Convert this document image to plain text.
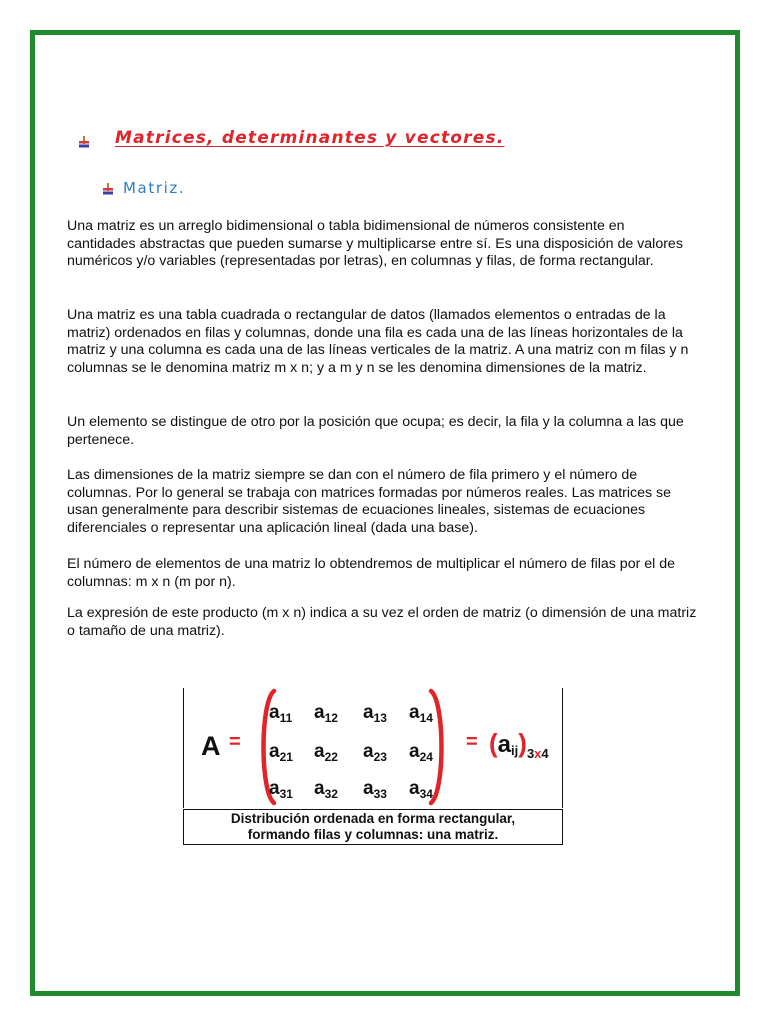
Matrices, determinantes y vectores.
Matriz.

Una matriz es un arreglo bidimensional o tabla bidimensional de números consistente en cantidades abstractas que pueden sumarse y multiplicarse entre sí. Es una disposición de valores numéricos y/o variables (representadas por letras), en columnas y filas, de forma rectangular.

Una matriz es una tabla cuadrada o rectangular de datos (llamados elementos o entradas de la matriz) ordenados en filas y columnas, donde una fila es cada una de las líneas horizontales de la matriz y una columna es cada una de las líneas verticales de la matriz. A una matriz con m filas y n columnas se le denomina matriz m x n; y a m y n se les denomina dimensiones de la matriz.

Un elemento se distingue de otro por la posición que ocupa; es decir, la fila y la columna a las que pertenece.

Las dimensiones de la matriz siempre se dan con el número de fila primero y el número de columnas. Por lo general se trabaja con matrices formadas por números reales. Las matrices se usan generalmente para describir sistemas de ecuaciones lineales, sistemas de ecuaciones diferenciales o representar una aplicación lineal (dada una base).

El número de elementos de una matriz lo obtendremos de multiplicar el número de filas por el de columnas: m x n (m por n).

La expresión de este producto (m x n) indica a su vez el orden de matriz (o dimensión de una matriz o tamaño de una matriz).

A =
$a_{11}$ $a_{12}$ $a_{13}$ $a_{14}$
$a_{21}$ $a_{22}$ $a_{23}$ $a_{24}$
$a_{31}$ $a_{32}$ $a_{33}$ $a_{34}$
= $(a_{ij})_{3x4}$
Distribución ordenada en forma rectangular,
formando filas y columnas: una matriz.
